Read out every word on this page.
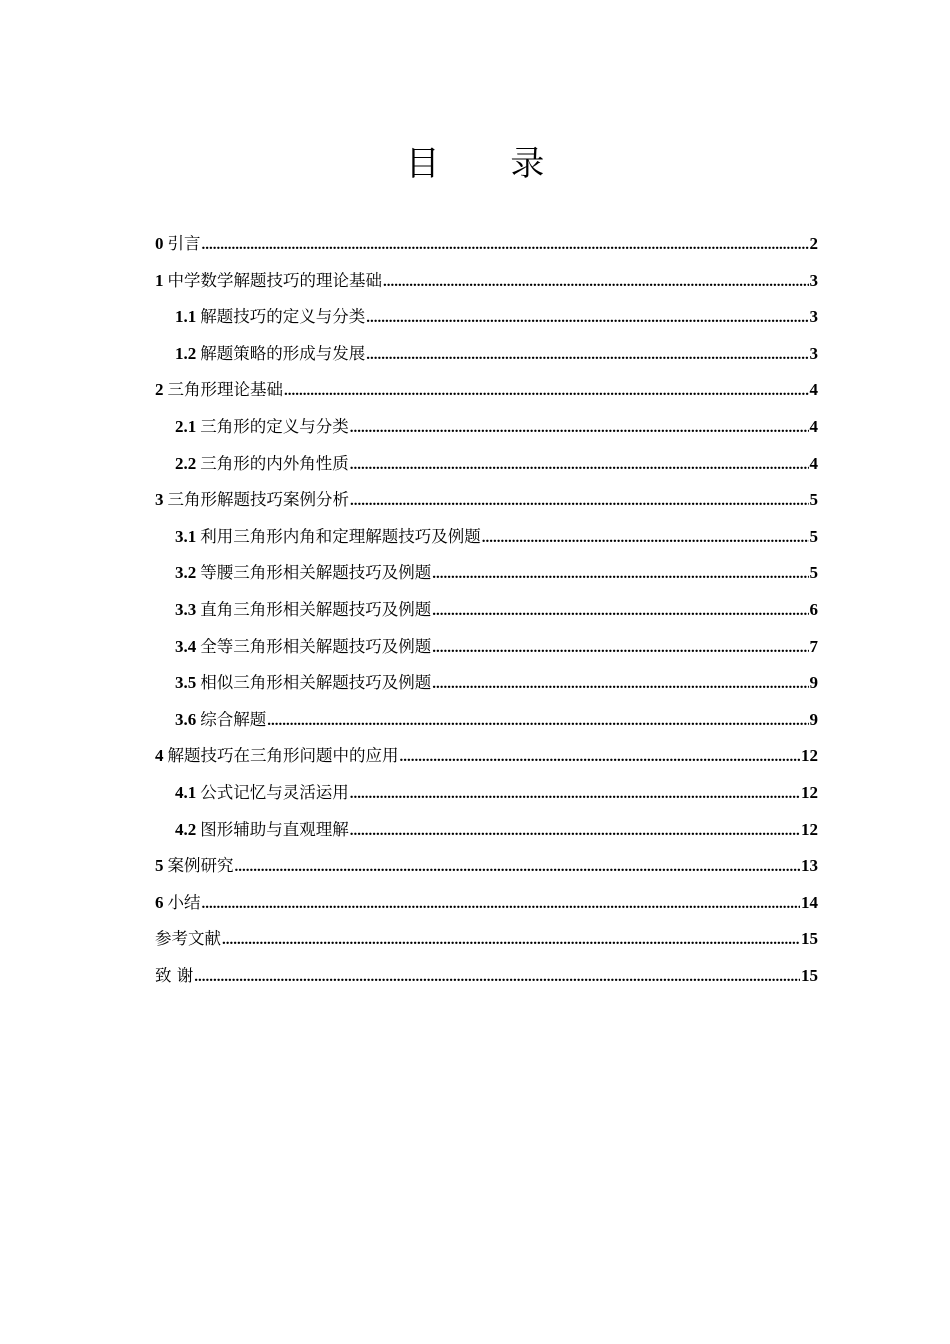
目 录
0 引言 .....	2
1 中学数学解题技巧的理论基础 .....	3
1.1 解题技巧的定义与分类 .....	3
1.2 解题策略的形成与发展 .....	3
2 三角形理论基础 .....	4
2.1 三角形的定义与分类 .....	4
2.2 三角形的内外角性质 .....	4
3 三角形解题技巧案例分析 .....	5
3.1 利用三角形内角和定理解题技巧及例题 .....	5
3.2 等腰三角形相关解题技巧及例题 .....	5
3.3 直角三角形相关解题技巧及例题 .....	6
3.4 全等三角形相关解题技巧及例题 .....	7
3.5 相似三角形相关解题技巧及例题 .....	9
3.6 综合解题 .....	9
4 解题技巧在三角形问题中的应用 .....	12
4.1 公式记忆与灵活运用 .....	12
4.2 图形辅助与直观理解 .....	12
5 案例研究 .....	13
6 小结 .....	14
参考文献 .....	15
致 谢 .....	15
